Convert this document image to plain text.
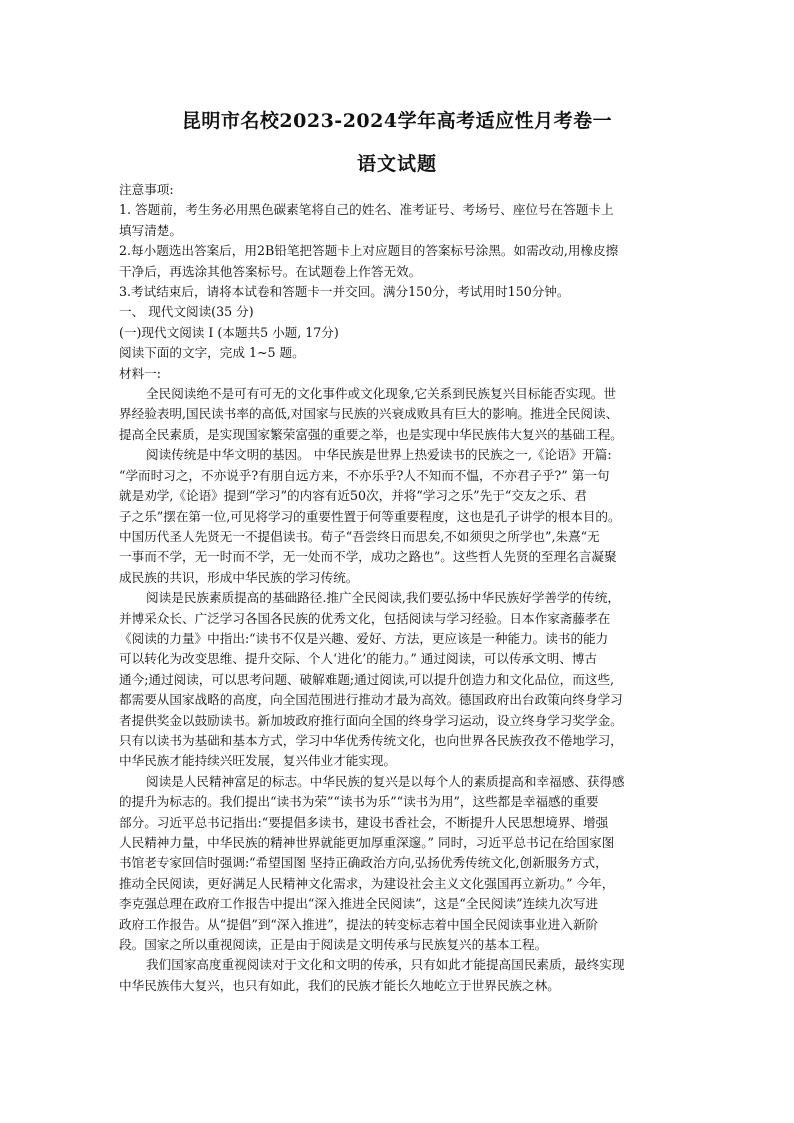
昆明市名校2023-2024学年高考适应性月考卷一
语文试题
注意事项:
1. 答题前，考生务必用黑色碳素笔将自己的姓名、准考证号、考场号、座位号在答题卡上
填写清楚。
2.每小题选出答案后，用2B铅笔把答题卡上对应题目的答案标号涂黑。如需改动,用橡皮擦
干净后，再选涂其他答案标号。在试题卷上作答无效。
3.考试结束后，请将本试卷和答题卡一并交回。满分150分，考试用时150分钟。
一、 现代文阅读(35 分)
(一)现代文阅读 I (本题共5 小题, 17分)
阅读下面的文字，完成 1~5 题。
材料一:
全民阅读绝不是可有可无的文化事件或文化现象,它关系到民族复兴目标能否实现。世
界经验表明,国民读书率的高低,对国家与民族的兴衰成败具有巨大的影响。推进全民阅读、
提高全民素质，是实现国家繁荣富强的重要之举，也是实现中华民族伟大复兴的基础工程。
阅读传统是中华文明的基因。 中华民族是世界上热爱读书的民族之一,《论语》开篇:
“学而时习之，不亦说乎?有朋自远方来，不亦乐乎?人不知而不愠，不亦君子乎?” 第一句
就是劝学,《论语》提到“学习”的内容有近50次，并将“学习之乐”先于“交友之乐、君
子之乐”摆在第一位,可见将学习的重要性置于何等重要程度，这也是孔子讲学的根本目的。
中国历代圣人先贤无一不提倡读书。荀子“吾尝终日而思矣,不如须臾之所学也”,朱熹“无
一事而不学，无一时而不学，无一处而不学，成功之路也”。这些哲人先贤的至理名言凝聚
成民族的共识，形成中华民族的学习传统。
阅读是民族素质提高的基础路径.推广全民阅读,我们要弘扬中华民族好学善学的传统，
并博采众长、广泛学习各国各民族的优秀文化，包括阅读与学习经验。日本作家斋藤孝在
《阅读的力量》中指出:“读书不仅是兴趣、爱好、方法，更应该是一种能力。读书的能力
可以转化为改变思维、提升交际、个人‘进化’的能力。” 通过阅读，可以传承文明、博古
通今;通过阅读，可以思考问题、破解难题;通过阅读,可以提升创造力和文化品位，而这些,
都需要从国家战略的高度，向全国范围进行推动才最为高效。德国政府出台政策向终身学习
者提供奖金以鼓励读书。新加坡政府推行面向全国的终身学习运动，设立终身学习奖学金。
只有以读书为基础和基本方式，学习中华优秀传统文化，也向世界各民族孜孜不倦地学习，
中华民族才能持续兴旺发展，复兴伟业才能实现。
阅读是人民精神富足的标志。中华民族的复兴是以每个人的素质提高和幸福感、获得感
的提升为标志的。我们提出“读书为荣”“读书为乐”“读书为用”，这些都是幸福感的重要
部分。习近平总书记指出:“要提倡多读书，建设书香社会，不断提升人民思想境界、增强
人民精神力量，中华民族的精神世界就能更加厚重深邃。” 同时，习近平总书记在给国家图
书馆老专家回信时强调:“希望国图 坚持正确政治方向,弘扬优秀传统文化,创新服务方式，
推动全民阅读，更好满足人民精神文化需求，为建设社会主义文化强国再立新功。” 今年，
李克强总理在政府工作报告中提出“深入推进全民阅读”，这是“全民阅读”连续九次写进
政府工作报告。从“提倡”到“深入推进”，提法的转变标志着中国全民阅读事业进入新阶
段。国家之所以重视阅读，正是由于阅读是文明传承与民族复兴的基本工程。
我们国家高度重视阅读对于文化和文明的传承，只有如此才能提高国民素质，最终实现
中华民族伟大复兴，也只有如此，我们的民族才能长久地屹立于世界民族之林。
